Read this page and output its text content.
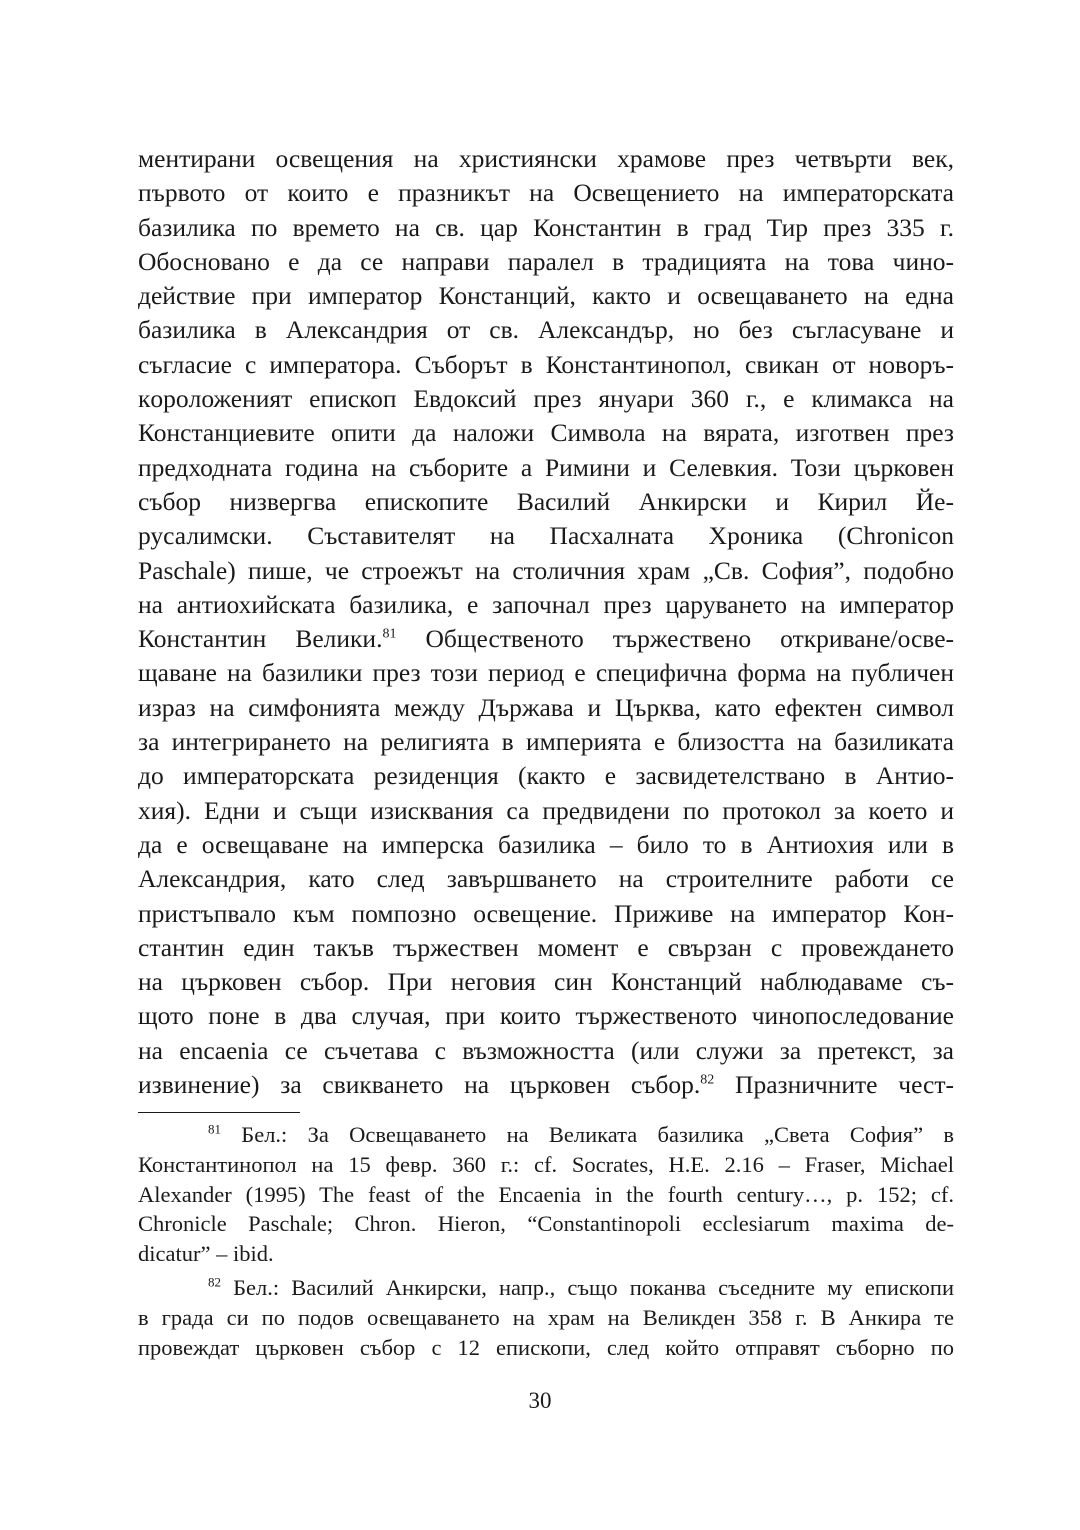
ментирани освещения на християнски храмове през четвърти век,
първото от които е празникът на Освещението на императорската
базилика по времето на св. цар Константин в град Тир през 335 г.
Обосновано е да се направи паралел в традицията на това чино-
действие при император Констанций, както и освещаването на една
базилика в Александрия от св. Александър, но без съгласуване и
съгласие с императора. Съборът в Константинопол, свикан от новоръ-
кopoложеният епископ Евдоксий през януари 360 г., е климакса на
Констанциевите опити да наложи Символа на вярата, изготвен през
предходната година на съборите а Римини и Селевкия. Този църковен
събор низвергва епископите Василий Анкирски и Кирил Йе-
русалимски. Съставителят на Пасхалната Хроника (Chronicon
Paschale) пише, че строежът на столичния храм „Св. София”, подобно
на антиохийската базилика, е започнал през царуването на император
Константин Велики.$^{81}$ Общественото тържествено откриване/осве-
щаване на базилики през този период е специфична форма на публичен
израз на симфонията между Държава и Църква, като ефектен символ
за интегрирането на религията в империята е близостта на базиликата
до императорската резиденция (както е засвидетелствано в Антио-
хия). Едни и същи изисквания са предвидени по протокол за което и
да е освещаване на имперска базилика – било то в Антиохия или в
Александрия, като след завършването на строителните работи се
пристъпвало към помпозно освещение. Приживе на император Кон-
стантин един такъв тържествен момент е свързан с провеждането
на църковен събор. При неговия син Констанций наблюдаваме съ-
щото поне в два случая, при които тържественото чинопоследование
на encaenia се съчетава с възможността (или служи за претекст, за
извинение) за свикването на църковен събор.$^{82}$ Празничните чест-
$^{81}$ Бел.: За Освещаването на Великата базилика „Света София” в
Константинопол на 15 февр. 360 г.: cf. Socrates, H.E. 2.16 – Fraser, Michael
Alexander (1995) The feast of the Encaenia in the fourth century…, p. 152; cf.
Chronicle Paschale; Chron. Hieron, “Constantinopoli ecclesiarum maxima de-
dicatur” – ibid.
$^{82}$ Бел.: Василий Анкирски, напр., също поканва съседните му епископи
в града си по подов освещаването на храм на Великден 358 г. В Анкира те
провеждат църковен събор с 12 епископи, след който отправят съборно по
30
